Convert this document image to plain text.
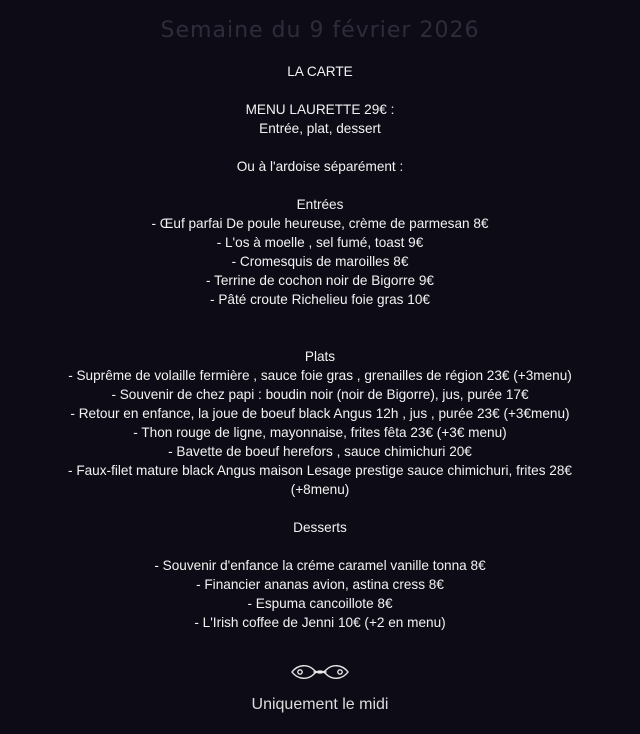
Semaine du 9 février 2026
LA CARTE
MENU LAURETTE 29€ :
Entrée, plat, dessert
Ou à l'ardoise séparément :
Entrées
- Œuf parfai De poule heureuse, crème de parmesan 8€
- L'os à moelle , sel fumé, toast 9€
- Cromesquis de maroilles 8€
- Terrine de cochon noir de Bigorre 9€
- Pâté croute Richelieu foie gras 10€
Plats
- Suprême de volaille fermière , sauce foie gras , grenailles de région 23€ (+3menu)
- Souvenir de chez papi : boudin noir (noir de Bigorre), jus, purée 17€
- Retour en enfance, la joue de boeuf black Angus 12h , jus , purée 23€ (+3€menu)
- Thon rouge de ligne, mayonnaise, frites fêta 23€ (+3€ menu)
- Bavette de boeuf herefors , sauce chimichuri 20€
- Faux-filet mature black Angus maison Lesage prestige sauce chimichuri, frites 28€
(+8menu)
Desserts
- Souvenir d'enfance la créme caramel vanille tonna 8€
- Financier ananas avion, astina cress 8€
- Espuma cancoillote 8€
- L'Irish coffee de Jenni 10€ (+2 en menu)
Uniquement le midi
